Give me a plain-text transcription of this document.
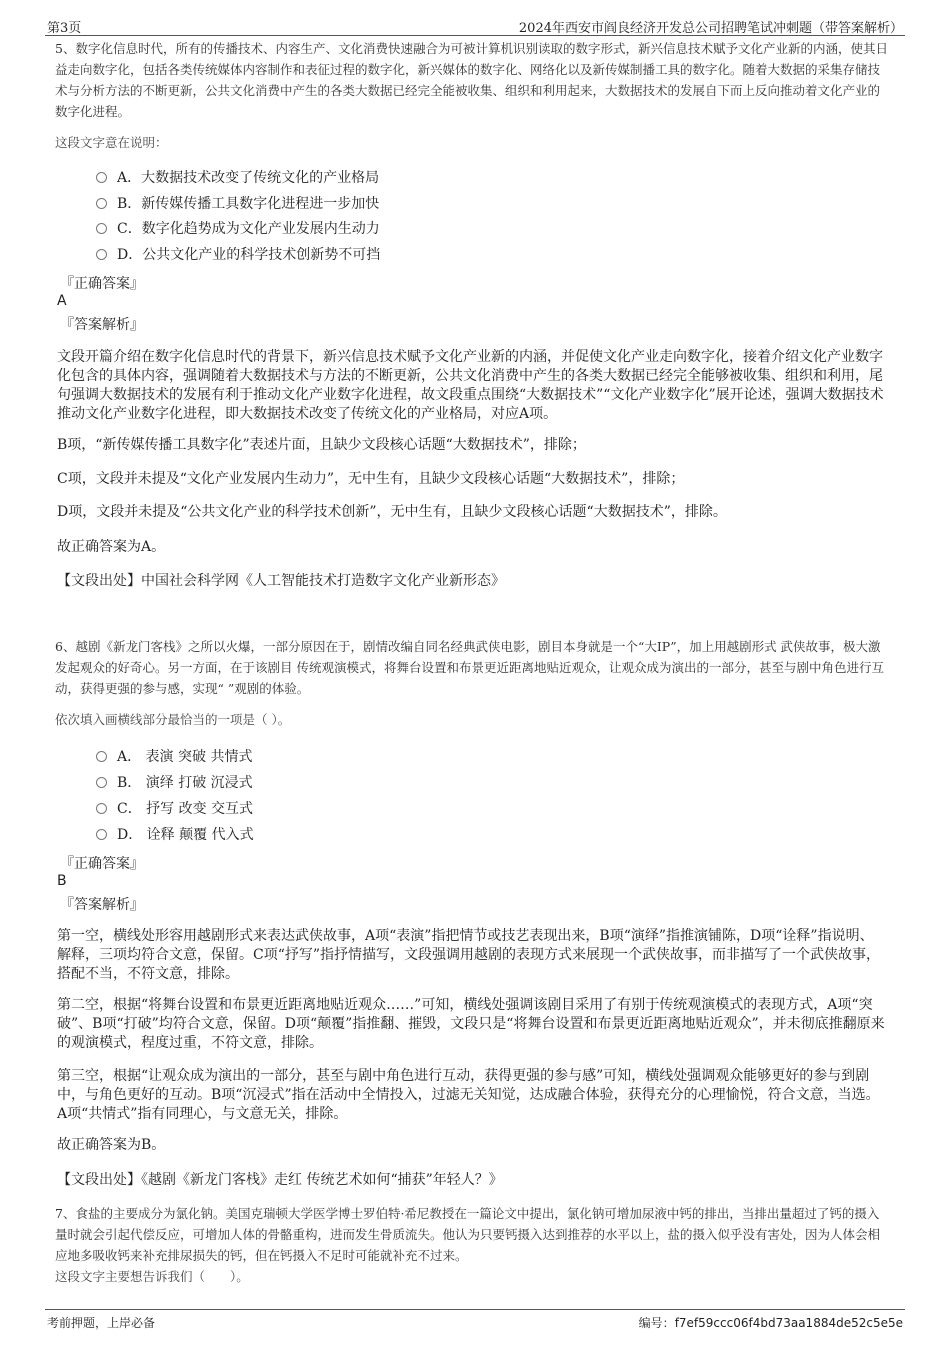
第3页	2024年西安市阎良经济开发总公司招聘笔试冲刺题（带答案解析）
5、数字化信息时代，所有的传播技术、内容生产、文化消费快速融合为可被计算机识别读取的数字形式，新兴信息技术赋予文化产业新的内涵，使其日益走向数字化，包括各类传统媒体内容制作和表征过程的数字化，新兴媒体的数字化、网络化以及新传媒制播工具的数字化。随着大数据的采集存储技术与分析方法的不断更新，公共文化消费中产生的各类大数据已经完全能被收集、组织和利用起来，大数据技术的发展自下而上反向推动着文化产业的数字化进程。
这段文字意在说明：
A．大数据技术改变了传统文化的产业格局
B．新传媒传播工具数字化进程进一步加快
C．数字化趋势成为文化产业发展内生动力
D．公共文化产业的科学技术创新势不可挡
『正确答案』
A
『答案解析』
文段开篇介绍在数字化信息时代的背景下，新兴信息技术赋予文化产业新的内涵，并促使文化产业走向数字化，接着介绍文化产业数字化包含的具体内容，强调随着大数据技术与方法的不断更新，公共文化消费中产生的各类大数据已经完全能够被收集、组织和利用，尾句强调大数据技术的发展有利于推动文化产业数字化进程，故文段重点围绕“大数据技术”“文化产业数字化”展开论述，强调大数据技术推动文化产业数字化进程，即大数据技术改变了传统文化的产业格局，对应A项。
B项，“新传媒传播工具数字化”表述片面，且缺少文段核心话题“大数据技术”，排除；
C项，文段并未提及“文化产业发展内生动力”，无中生有，且缺少文段核心话题“大数据技术”，排除；
D项，文段并未提及“公共文化产业的科学技术创新”，无中生有，且缺少文段核心话题“大数据技术”，排除。
故正确答案为A。
【文段出处】中国社会科学网《人工智能技术打造数字文化产业新形态》
6、越剧《新龙门客栈》之所以火爆，一部分原因在于，剧情改编自同名经典武侠电影，剧目本身就是一个“大IP”，加上用越剧形式 武侠故事，极大激发起观众的好奇心。另一方面，在于该剧目 传统观演模式，将舞台设置和布景更近距离地贴近观众，让观众成为演出的一部分，甚至与剧中角色进行互动，获得更强的参与感，实现“ ”观剧的体验。
依次填入画横线部分最恰当的一项是（ ）。
A． 表演 突破 共情式
B． 演绎 打破 沉浸式
C． 抒写 改变 交互式
D． 诠释 颠覆 代入式
『正确答案』
B
『答案解析』
第一空，横线处形容用越剧形式来表达武侠故事，A项“表演”指把情节或技艺表现出来，B项“演绎”指推演铺陈，D项“诠释”指说明、解释，三项均符合文意，保留。C项“抒写”指抒情描写，文段强调用越剧的表现方式来展现一个武侠故事，而非描写了一个武侠故事，搭配不当，不符文意，排除。
第二空，根据“将舞台设置和布景更近距离地贴近观众……”可知，横线处强调该剧目采用了有别于传统观演模式的表现方式，A项“突破”、B项“打破”均符合文意，保留。D项“颠覆”指推翻、摧毁，文段只是“将舞台设置和布景更近距离地贴近观众”，并未彻底推翻原来的观演模式，程度过重，不符文意，排除。
第三空，根据“让观众成为演出的一部分，甚至与剧中角色进行互动，获得更强的参与感”可知，横线处强调观众能够更好的参与到剧中，与角色更好的互动。B项“沉浸式”指在活动中全情投入，过滤无关知觉，达成融合体验，获得充分的心理愉悦，符合文意，当选。A项“共情式”指有同理心，与文意无关，排除。
故正确答案为B。
【文段出处】《越剧《新龙门客栈》走红 传统艺术如何“捕获”年轻人？》
7、食盐的主要成分为氯化钠。美国克瑞顿大学医学博士罗伯特·希尼教授在一篇论文中提出，氯化钠可增加尿液中钙的排出，当排出量超过了钙的摄入量时就会引起代偿反应，可增加人体的骨骼重构，进而发生骨质流失。他认为只要钙摄入达到推荐的水平以上，盐的摄入似乎没有害处，因为人体会相应地多吸收钙来补充排尿损失的钙，但在钙摄入不足时可能就补充不过来。
这段文字主要想告诉我们（　　）。
考前押题，上岸必备	编号：f7ef59ccc06f4bd73aa1884de52c5e5e
